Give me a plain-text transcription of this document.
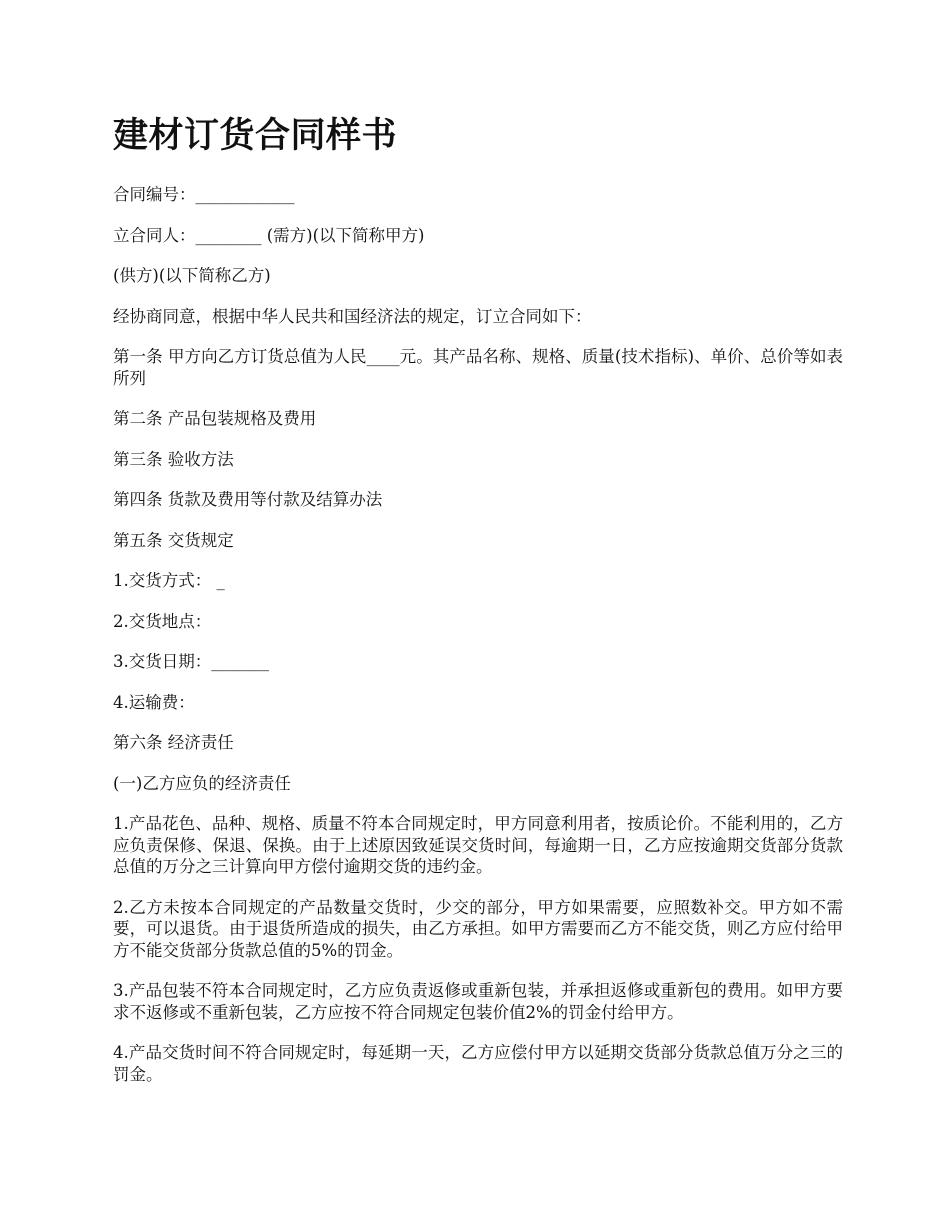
建材订货合同样书

合同编号：____________

立合同人：________ (需方)(以下简称甲方)

(供方)(以下简称乙方)

经协商同意，根据中华人民共和国经济法的规定，订立合同如下：

第一条 甲方向乙方订货总值为人民____元。其产品名称、规格、质量(技术指标)、单价、总价等如表所列

第二条 产品包装规格及费用

第三条 验收方法

第四条 货款及费用等付款及结算办法

第五条 交货规定

1.交货方式： _

2.交货地点：

3.交货日期：_______

4.运输费：

第六条 经济责任

(一)乙方应负的经济责任

1.产品花色、品种、规格、质量不符本合同规定时，甲方同意利用者，按质论价。不能利用的，乙方应负责保修、保退、保换。由于上述原因致延误交货时间，每逾期一日，乙方应按逾期交货部分货款总值的万分之三计算向甲方偿付逾期交货的违约金。

2.乙方未按本合同规定的产品数量交货时，少交的部分，甲方如果需要，应照数补交。甲方如不需要，可以退货。由于退货所造成的损失，由乙方承担。如甲方需要而乙方不能交货，则乙方应付给甲方不能交货部分货款总值的5%的罚金。

3.产品包装不符本合同规定时，乙方应负责返修或重新包装，并承担返修或重新包的费用。如甲方要求不返修或不重新包装，乙方应按不符合同规定包装价值2%的罚金付给甲方。

4.产品交货时间不符合同规定时，每延期一天，乙方应偿付甲方以延期交货部分货款总值万分之三的罚金。
